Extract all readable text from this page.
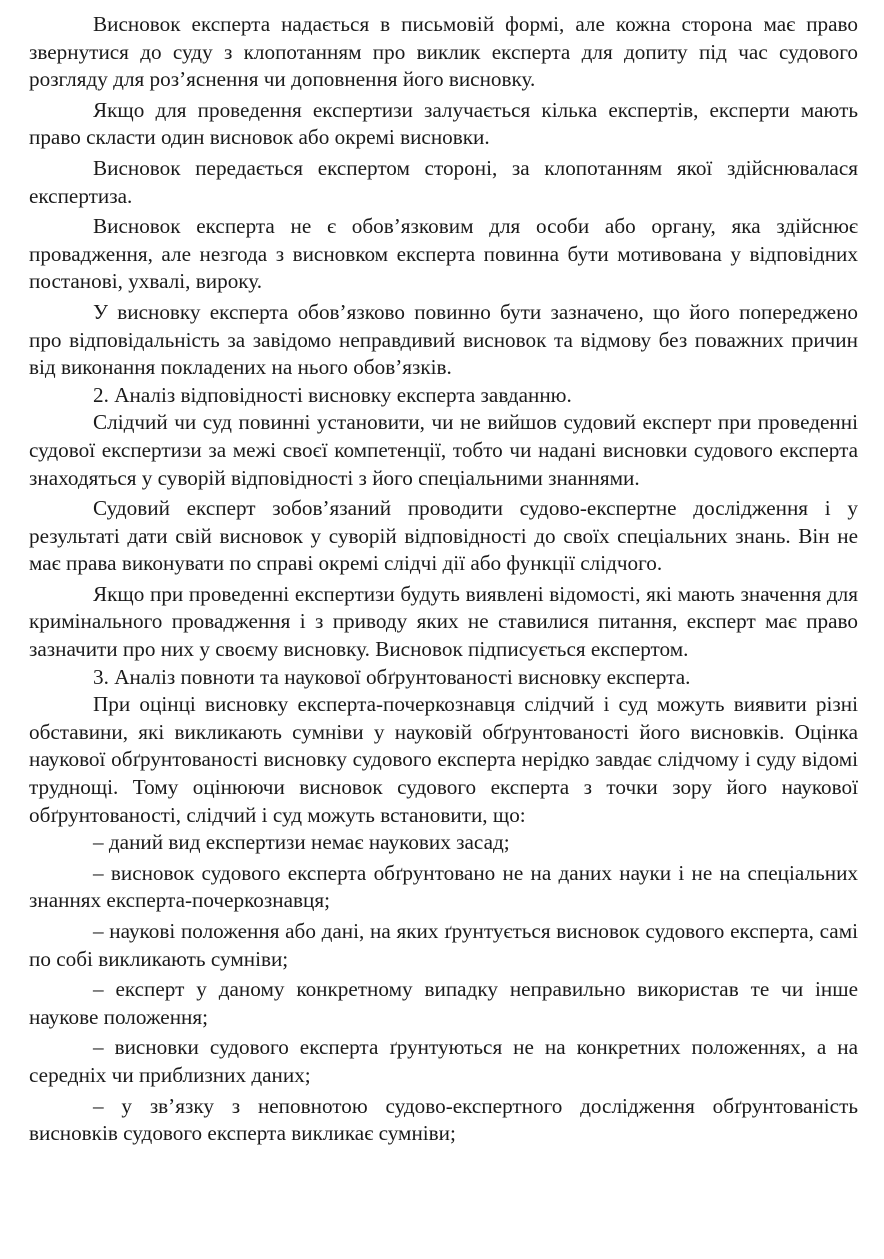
Висновок експерта надається в письмовій формі, але кожна сторона має право звернутися до суду з клопотанням про виклик експерта для допиту під час судового розгляду для роз’яснення чи доповнення його висновку.

Якщо для проведення експертизи залучається кілька експертів, експерти мають право скласти один висновок або окремі висновки.

Висновок передається експертом стороні, за клопотанням якої здійснювалася експертиза.

Висновок експерта не є обов’язковим для особи або органу, яка здійснює провадження, але незгода з висновком експерта повинна бути мотивована у відповідних постанові, ухвалі, вироку.

У висновку експерта обов’язково повинно бути зазначено, що його попереджено про відповідальність за завідомо неправдивий висновок та відмову без поважних причин від виконання покладених на нього обов’язків.

2. Аналіз відповідності висновку експерта завданню.

Слідчий чи суд повинні установити, чи не вийшов судовий експерт при проведенні судової експертизи за межі своєї компетенції, тобто чи надані висновки судового експерта знаходяться у суворій відповідності з його спеціальними знаннями.

Судовий експерт зобов’язаний проводити судово-експертне дослідження і у результаті дати свій висновок у суворій відповідності до своїх спеціальних знань. Він не має права виконувати по справі окремі слідчі дії або функції слідчого.

Якщо при проведенні експертизи будуть виявлені відомості, які мають значення для кримінального провадження і з приводу яких не ставилися питання, експерт має право зазначити про них у своєму висновку. Висновок підписується експертом.

3. Аналіз повноти та наукової обґрунтованості висновку експерта.

При оцінці висновку експерта-почеркознавця слідчий і суд можуть виявити різні обставини, які викликають сумніви у науковій обґрунтованості його висновків. Оцінка наукової обґрунтованості висновку судового експерта нерідко завдає слідчому і суду відомі труднощі. Тому оцінюючи висновок судового експерта з точки зору його наукової обґрунтованості, слідчий і суд можуть встановити, що:

– даний вид експертизи немає наукових засад;

– висновок судового експерта обґрунтовано не на даних науки і не на спеціальних знаннях експерта-почеркознавця;

– наукові положення або дані, на яких ґрунтується висновок судового експерта, самі по собі викликають сумніви;

– експерт у даному конкретному випадку неправильно використав те чи інше наукове положення;

– висновки судового експерта ґрунтуються не на конкретних положеннях, а на середніх чи приблизних даних;

– у зв’язку з неповнотою судово-експертного дослідження обґрунтованість висновків судового експерта викликає сумніви;
